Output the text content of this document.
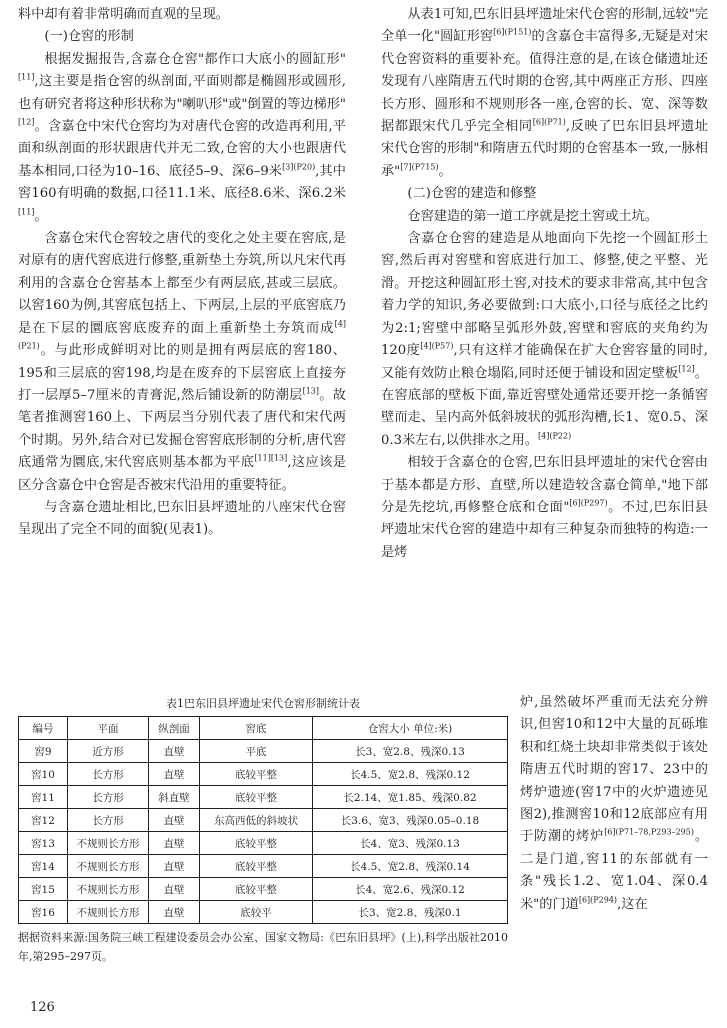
料中却有着非常明确而直观的呈现。

(一)仓窖的形制

根据发掘报告,含嘉仓仓窖"都作口大底小的圆缸形"[11],这主要是指仓窖的纵剖面,平面则都是椭圆形或圆形,也有研究者将这种形状称为"喇叭形"或"倒置的等边梯形"[12]。含嘉仓中宋代仓窖均为对唐代仓窖的改造再利用,平面和纵剖面的形状跟唐代并无二致,仓窖的大小也跟唐代基本相同,口径为10–16、底径5–9、深6–9米$^{[3](P20)}$,其中窖160有明确的数据,口径11.1米、底径8.6米、深6.2米[11]。

含嘉仓宋代仓窖较之唐代的变化之处主要在窖底,是对原有的唐代窖底进行修整,重新垫土夯筑,所以凡宋代再利用的含嘉仓仓窖基本上都至少有两层底,甚或三层底。以窖160为例,其窖底包括上、下两层,上层的平底窖底乃是在下层的圜底窖底废弃的面上重新垫土夯筑而成$^{[4](P21)}$。与此形成鲜明对比的则是拥有两层底的窖180、195和三层底的窖198,均是在废弃的下层窖底上直接夯打一层厚5–7厘米的青膏泥,然后铺设新的防潮层[13]。故笔者推测窖160上、下两层当分别代表了唐代和宋代两个时期。另外,结合对已发掘仓窖窖底形制的分析,唐代窖底通常为圜底,宋代窖底则基本都为平底[11][13],这应该是区分含嘉仓中仓窖是否被宋代沿用的重要特征。

与含嘉仓遗址相比,巴东旧县坪遗址的八座宋代仓窖呈现出了完全不同的面貌(见表1)。

从表1可知,巴东旧县坪遗址宋代仓窖的形制,远较"完全单一化"圆缸形窖$^{[6](P151)}$的含嘉仓丰富得多,无疑是对宋代仓窖资料的重要补充。值得注意的是,在该仓储遗址还发现有八座隋唐五代时期的仓窖,其中两座正方形、四座长方形、圆形和不规则形各一座,仓窖的长、宽、深等数据都跟宋代几乎完全相同$^{[6](P71)}$,反映了巴东旧县坪遗址宋代仓窖的形制"和隋唐五代时期的仓窖基本一致,一脉相承"$^{[7](P715)}$。

(二)仓窖的建造和修整

仓窖建造的第一道工序就是挖土窖或土坑。

含嘉仓仓窖的建造是从地面向下先挖一个圆缸形土窖,然后再对窖壁和窖底进行加工、修整,使之平整、光滑。开挖这种圆缸形土窖,对技术的要求非常高,其中包含着力学的知识,务必要做到:口大底小,口径与底径之比约为2:1;窖壁中部略呈弧形外鼓,窖壁和窖底的夹角约为120度$^{[4](P57)}$,只有这样才能确保在扩大仓窖容量的同时,又能有效防止粮仓塌陷,同时还便于铺设和固定壁板[12]。在窖底部的壁板下面,靠近窖壁处通常还要开挖一条循窖壁而走、呈内高外低斜坡状的弧形沟槽,长1、宽0.5、深0.3米左右,以供排水之用。$^{[4](P22)}$

相较于含嘉仓的仓窖,巴东旧县坪遗址的宋代仓窖由于基本都是方形、直壁,所以建造较含嘉仓简单,"地下部分是先挖坑,再修整仓底和仓面"$^{[6](P297)}$。不过,巴东旧县坪遗址宋代仓窖的建造中却有三种复杂而独特的构造:一是烤

表1巴东旧县坪遗址宋代仓窖形制统计表

编号	平面	纵剖面	窖底	仓窖大小 单位:米)
窖9	近方形	直壁	平底	长3、宽2.8、残深0.13
窖10	长方形	直壁	底较平整	长4.5、宽2.8、残深0.12
窖11	长方形	斜直壁	底较平整	长2.14、宽1.85、残深0.82
窖12	长方形	直壁	东高西低的斜坡状	长3.6、宽3、残深0.05–0.18
窖13	不规则长方形	直壁	底较平整	长4、宽3、残深0.13
窖14	不规则长方形	直壁	底较平整	长4.5、宽2.8、残深0.14
窖15	不规则长方形	直壁	底较平整	长4、宽2.6、残深0.12
窖16	不规则长方形	直壁	底较平	长3、宽2.8、残深0.1

据据资料来源:国务院三峡工程建设委员会办公室、国家文物局:《巴东旧县坪》(上),科学出版社2010年,第295–297页。

炉,虽然破坏严重而无法充分辨识,但窖10和12中大量的瓦砾堆积和红烧土块却非常类似于该处隋唐五代时期的窖17、23中的烤炉遗迹(窖17中的火炉遗迹见图2),推测窖10和12底部应有用于防潮的烤炉$^{[6](P71-78,P293-295)}$。二是门道,窖11的东部就有一条"残长1.2、宽1.04、深0.4米"的门道$^{[6](P294)}$,这在

126
